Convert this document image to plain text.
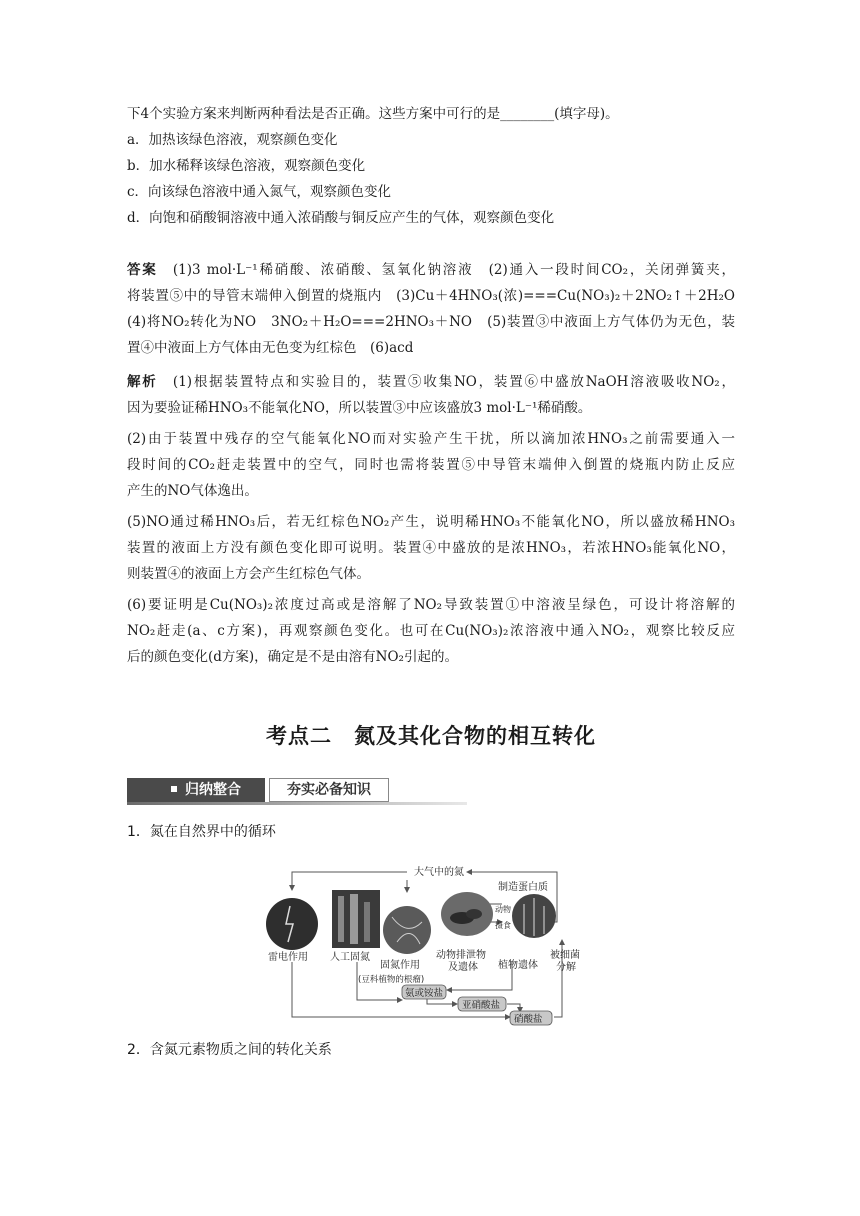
下4个实验方案来判断两种看法是否正确。这些方案中可行的是________(填字母)。
a．加热该绿色溶液，观察颜色变化
b．加水稀释该绿色溶液，观察颜色变化
c．向该绿色溶液中通入氮气，观察颜色变化
d．向饱和硝酸铜溶液中通入浓硝酸与铜反应产生的气体，观察颜色变化
答案　 (1)3 mol·L⁻¹稀硝酸、浓硝酸、氢氧化钠溶液　(2)通入一段时间CO₂，关闭弹簧夹，
将装置⑤中的导管末端伸入倒置的烧瓶内　(3)Cu＋4HNO₃(浓)===Cu(NO₃)₂＋2NO₂↑＋2H₂O
(4)将NO₂转化为NO　3NO₂＋H₂O===2HNO₃＋NO　(5)装置③中液面上方气体仍为无色，装
置④中液面上方气体由无色变为红棕色　(6)acd
解析　 (1)根据装置特点和实验目的，装置⑤收集NO，装置⑥中盛放NaOH溶液吸收NO₂，
因为要验证稀HNO₃不能氧化NO，所以装置③中应该盛放3 mol·L⁻¹稀硝酸。
(2)由于装置中残存的空气能氧化NO而对实验产生干扰，所以滴加浓HNO₃之前需要通入一
段时间的CO₂赶走装置中的空气，同时也需将装置⑤中导管末端伸入倒置的烧瓶内防止反应
产生的NO气体逸出。
(5)NO通过稀HNO₃后，若无红棕色NO₂产生，说明稀HNO₃不能氧化NO，所以盛放稀HNO₃
装置的液面上方没有颜色变化即可说明。装置④中盛放的是浓HNO₃，若浓HNO₃能氧化NO，
则装置④的液面上方会产生红棕色气体。
(6)要证明是Cu(NO₃)₂浓度过高或是溶解了NO₂导致装置①中溶液呈绿色，可设计将溶解的
NO₂赶走(a、c方案)，再观察颜色变化。也可在Cu(NO₃)₂浓溶液中通入NO₂，观察比较反应
后的颜色变化(d方案)，确定是不是由溶有NO₂引起的。
考点二　氮及其化合物的相互转化
归纳整合	夯实必备知识
1．氮在自然界中的循环
大气中的氮
制造蛋白质
动物
摄食
雷电作用 人工固氮
固氮作用
(豆科植物的根瘤)
动物排泄物
及遗体 植物遗体
被细菌
分解
氨或铵盐
亚硝酸盐
硝酸盐
2．含氮元素物质之间的转化关系
